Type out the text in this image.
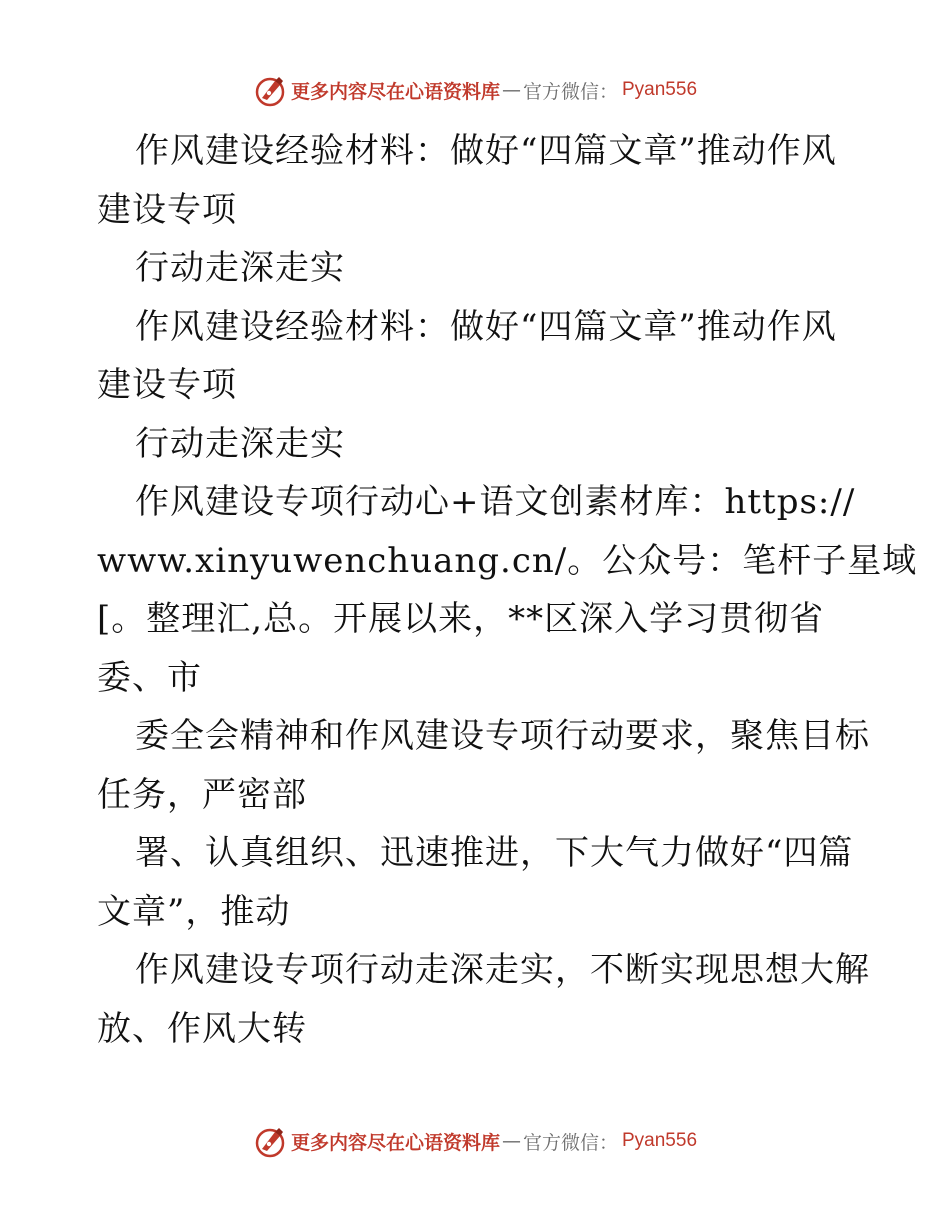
更多内容尽在心语资料库 — 官方微信： Pyan556
作风建设经验材料：做好“四篇文章”推动作风
建设专项
行动走深走实
作风建设经验材料：做好“四篇文章”推动作风
建设专项
行动走深走实
作风建设专项行动心+语文创素材库：https://
www.xinyuwenchuang.cn/。公众号：笔杆子星域
[。整理汇,总。开展以来，**区深入学习贯彻省
委、市
委全会精神和作风建设专项行动要求，聚焦目标
任务，严密部
署、认真组织、迅速推进，下大气力做好“四篇
文章”，推动
作风建设专项行动走深走实，不断实现思想大解
放、作风大转
更多内容尽在心语资料库 — 官方微信： Pyan556
